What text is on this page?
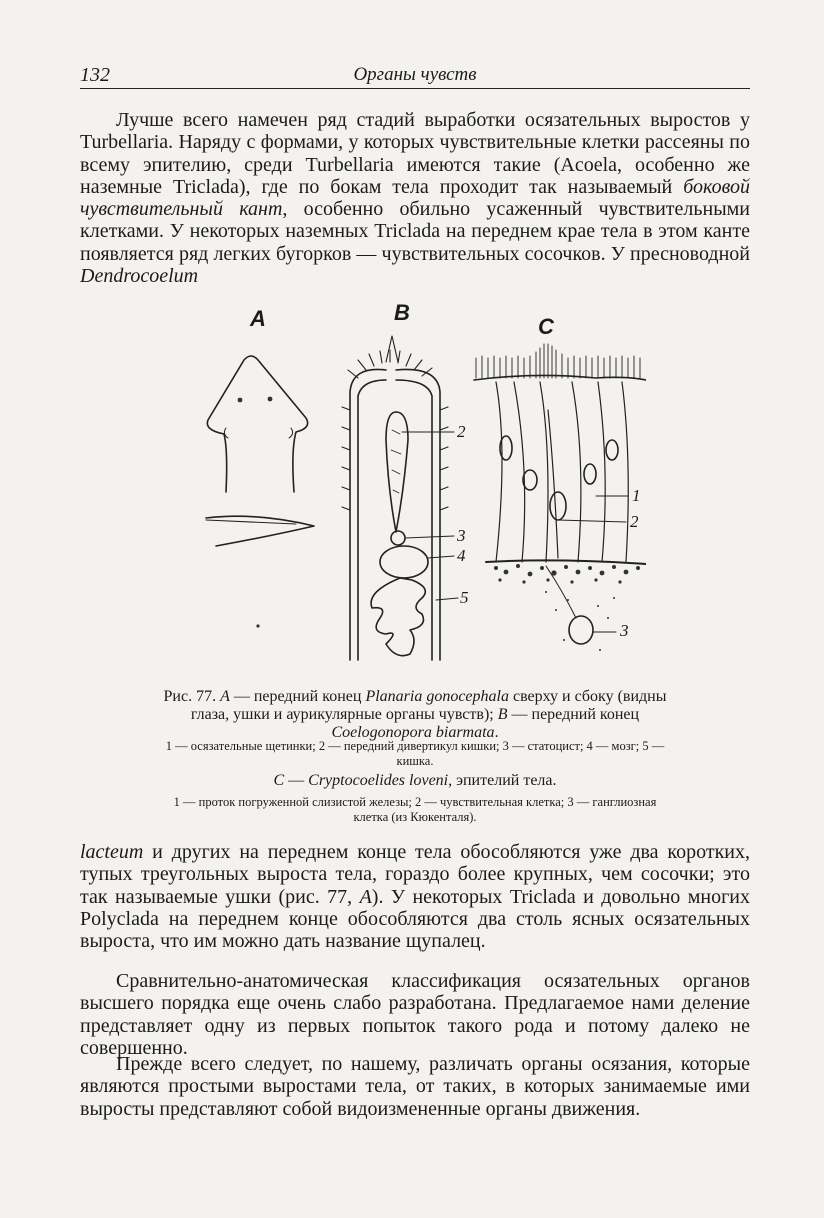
132	Органы чувств

Лучше всего намечен ряд стадий выработки осязательных выростов у Turbellaria. Наряду с формами, у которых чувствительные клетки рассеяны по всему эпителию, среди Turbellaria имеются такие (Acoela, особенно же наземные Triclada), где по бокам тела проходит так называемый боковой чувствительный кант, особенно обильно усаженный чувствительными клетками. У некоторых наземных Triclada на переднем крае тела в этом канте появляется ряд легких бугорков — чувствительных сосочков. У пресноводной Dendrocoelum

A	B
C
2
3
4
5
1
2
3

Рис. 77. A — передний конец Planaria gonocephala сверху и сбоку (видны глаза, ушки и аурикулярные органы чувств); B — передний конец Coelogonopora biarmata.

1 — осязательные щетинки; 2 — передний дивертикул кишки; 3 — статоцист; 4 — мозг; 5 — кишка.

C — Cryptocoelides loveni, эпителий тела.

1 — проток погруженной слизистой железы; 2 — чувствительная клетка; 3 — ганглиозная клетка (из Кюкенталя).

lacteum и других на переднем конце тела обособляются уже два коротких, тупых треугольных выроста тела, гораздо более крупных, чем сосочки; это так называемые ушки (рис. 77, A). У некоторых Triclada и довольно многих Polyclada на переднем конце обособляются два столь ясных осязательных выроста, что им можно дать название щупалец.

Сравнительно-анатомическая классификация осязательных органов высшего порядка еще очень слабо разработана. Предлагаемое нами деление представляет одну из первых попыток такого рода и потому далеко не совершенно.

Прежде всего следует, по нашему, различать органы осязания, которые являются простыми выростами тела, от таких, в которых занимаемые ими выросты представляют собой видоизмененные органы движения.
